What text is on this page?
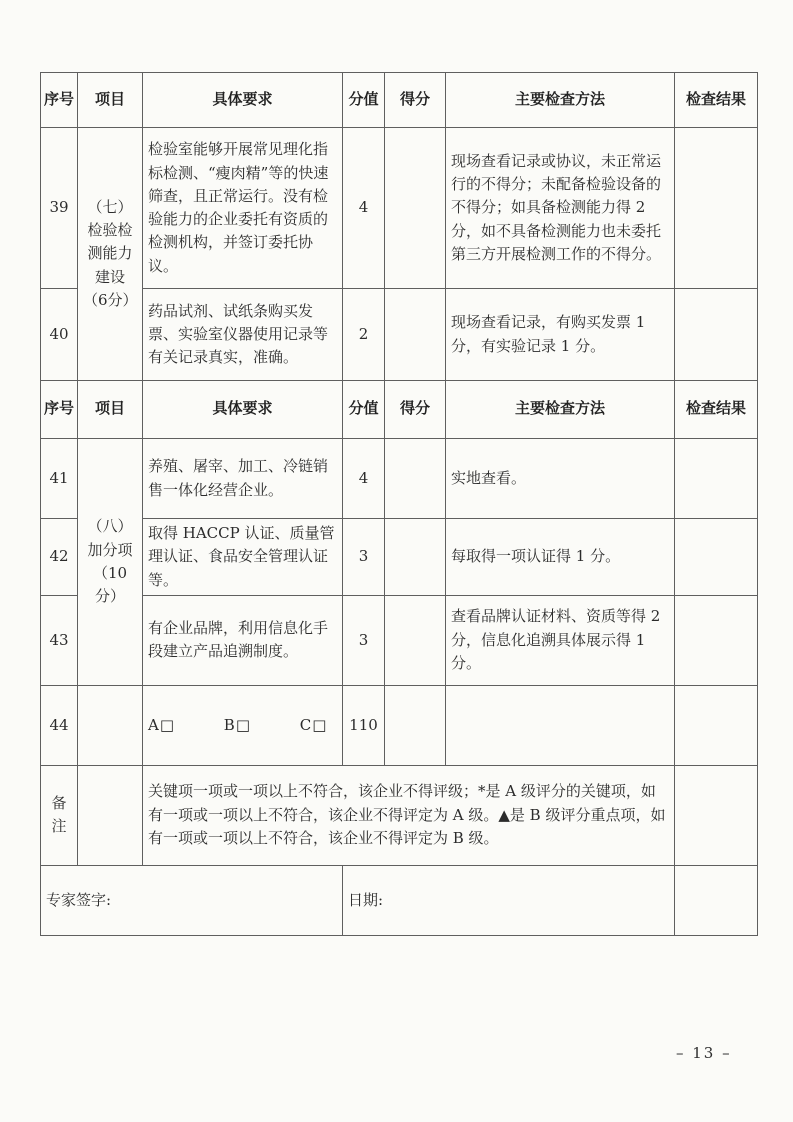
序号	项目	具体要求	分值	得分	主要检查方法	检查结果
39	（七）检验检测能力建设（6分）	检验室能够开展常见理化指标检测、“瘦肉精”等的快速筛查，且正常运行。没有检验能力的企业委托有资质的检测机构，并签订委托协议。	4		现场查看记录或协议，未正常运行的不得分；未配备检验设备的不得分；如具备检测能力得 2 分，如不具备检测能力也未委托第三方开展检测工作的不得分。	
40		药品试剂、试纸条购买发票、实验室仪器使用记录等有关记录真实，准确。	2		现场查看记录，有购买发票 1 分，有实验记录 1 分。	
序号	项目	具体要求	分值	得分	主要检查方法	检查结果
41	（八）加分项（10分）	养殖、屠宰、加工、冷链销售一体化经营企业。	4		实地查看。	
42		取得 HACCP 认证、质量管理认证、食品安全管理认证等。	3		每取得一项认证得 1 分。	
43		有企业品牌，利用信息化手段建立产品追溯制度。	3		查看品牌认证材料、资质等得 2 分，信息化追溯具体展示得 1 分。	
44		A□ B□ C□	110			
备注		关键项一项或一项以上不符合，该企业不得评级；*是 A 级评分的关键项，如有一项或一项以上不符合，该企业不得评定为 A 级。▲是 B 级评分重点项，如有一项或一项以上不符合，该企业不得评定为 B 级。				
专家签字:			日期:			
– 13 –
